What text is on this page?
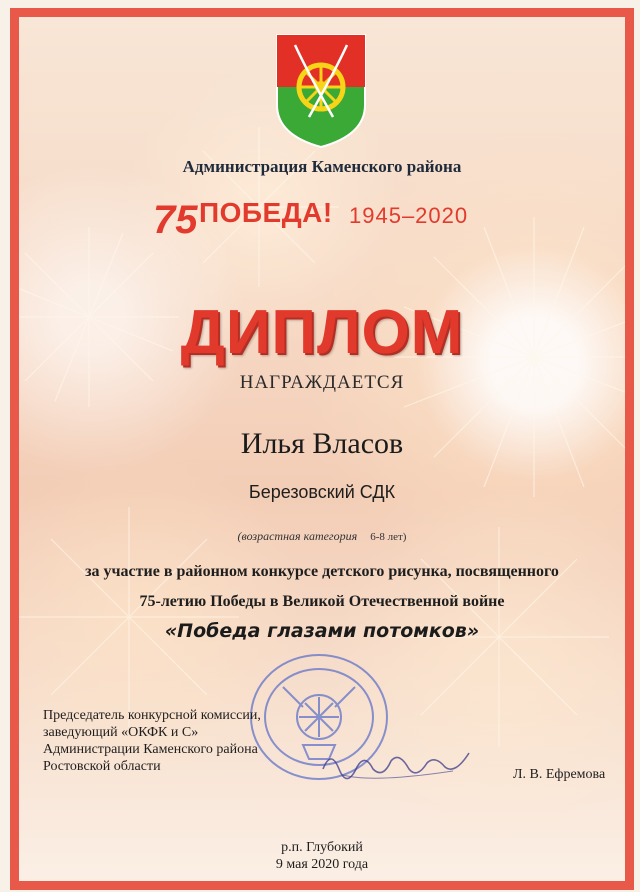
Администрация Каменского района
75 ПОБЕДА! 1945–2020
ДИПЛОМ
НАГРАЖДАЕТСЯ
Илья Власов
Березовский СДК
(возрастная категория 6-8 лет)
за участие в районном конкурсе детского рисунка, посвященного
75-летию Победы в Великой Отечественной войне
«Победа глазами потомков»
Председатель конкурсной комиссии,
заведующий «ОКФК и С»
Администрации Каменского района
Ростовской области
Л. В. Ефремова
р.п. Глубокий
9 мая 2020 года
